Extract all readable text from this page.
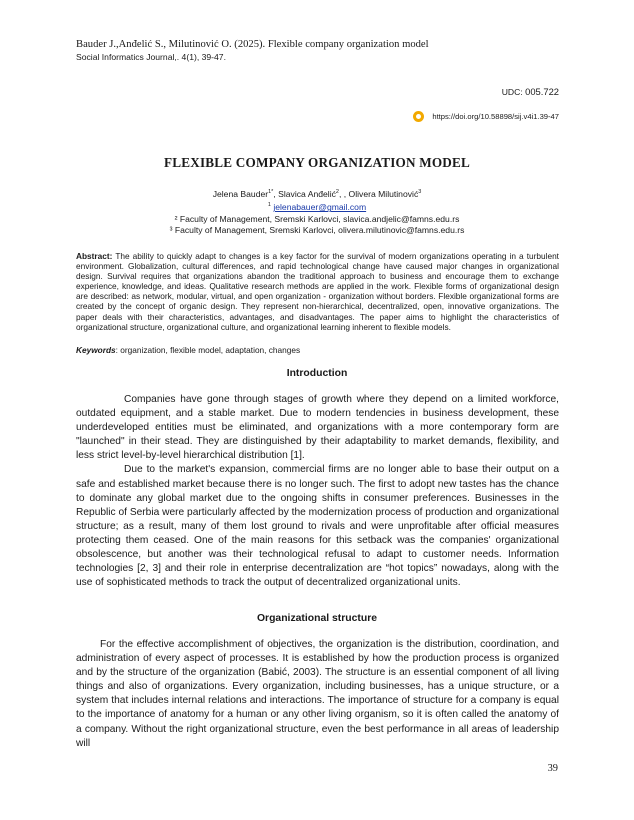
Bauder J.,Anđelić S., Milutinović O. (2025). Flexible company organization model
Social Informatics Journal,. 4(1), 39-47.
UDC: 005.722
https://doi.org/10.58898/sij.v4i1.39-47
FLEXIBLE COMPANY ORGANIZATION MODEL
Jelena Bauder$^{1*}$, Slavica Anđelić$^2$, , Olivera Milutinović$^3$
$^1$ jelenabauer@gmail.com
² Faculty of Management, Sremski Karlovci, slavica.andjelic@famns.edu.rs
³ Faculty of Management, Sremski Karlovci, olivera.milutinovic@famns.edu.rs
Abstract: The ability to quickly adapt to changes is a key factor for the survival of modern organizations operating in a turbulent environment. Globalization, cultural differences, and rapid technological change have caused major changes in organizational design. Survival requires that organizations abandon the traditional approach to business and encourage them to exchange experience, knowledge, and ideas. Qualitative research methods are applied in the work. Flexible forms of organizational design are described: as network, modular, virtual, and open organization - organization without borders. Flexible organizational forms are created by the concept of organic design. They represent non-hierarchical, decentralized, open, innovative organizations. The paper deals with their characteristics, advantages, and disadvantages. The paper aims to highlight the characteristics of organizational structure, organizational culture, and organizational learning inherent to flexible models.
Keywords: organization, flexible model, adaptation, changes
Introduction

Companies have gone through stages of growth where they depend on a limited workforce, outdated equipment, and a stable market. Due to modern tendencies in business development, these underdeveloped entities must be eliminated, and organizations with a more contemporary form are "launched" in their stead. They are distinguished by their adaptability to market demands, flexibility, and less strict level-by-level hierarchical distribution [1].

Due to the market's expansion, commercial firms are no longer able to base their output on a safe and established market because there is no longer such. The first to adopt new tastes has the chance to dominate any global market due to the ongoing shifts in consumer preferences. Businesses in the Republic of Serbia were particularly affected by the modernization process of production and organizational structure; as a result, many of them lost ground to rivals and were unprofitable after official measures protecting them ceased. One of the main reasons for this setback was the companies' organizational obsolescence, but another was their technological refusal to adapt to customer needs. Information technologies [2, 3] and their role in enterprise decentralization are “hot topics” nowadays, along with the use of sophisticated methods to track the output of decentralized organizational units.

Organizational structure

For the effective accomplishment of objectives, the organization is the distribution, coordination, and administration of every aspect of processes. It is established by how the production process is organized and by the structure of the organization (Babić, 2003). The structure is an essential component of all living things and also of organizations. Every organization, including businesses, has a unique structure, or a system that includes internal relations and interactions. The importance of structure for a company is equal to the importance of anatomy for a human or any other living organism, so it is often called the anatomy of a company. Without the right organizational structure, even the best performance in all areas of leadership will

39
